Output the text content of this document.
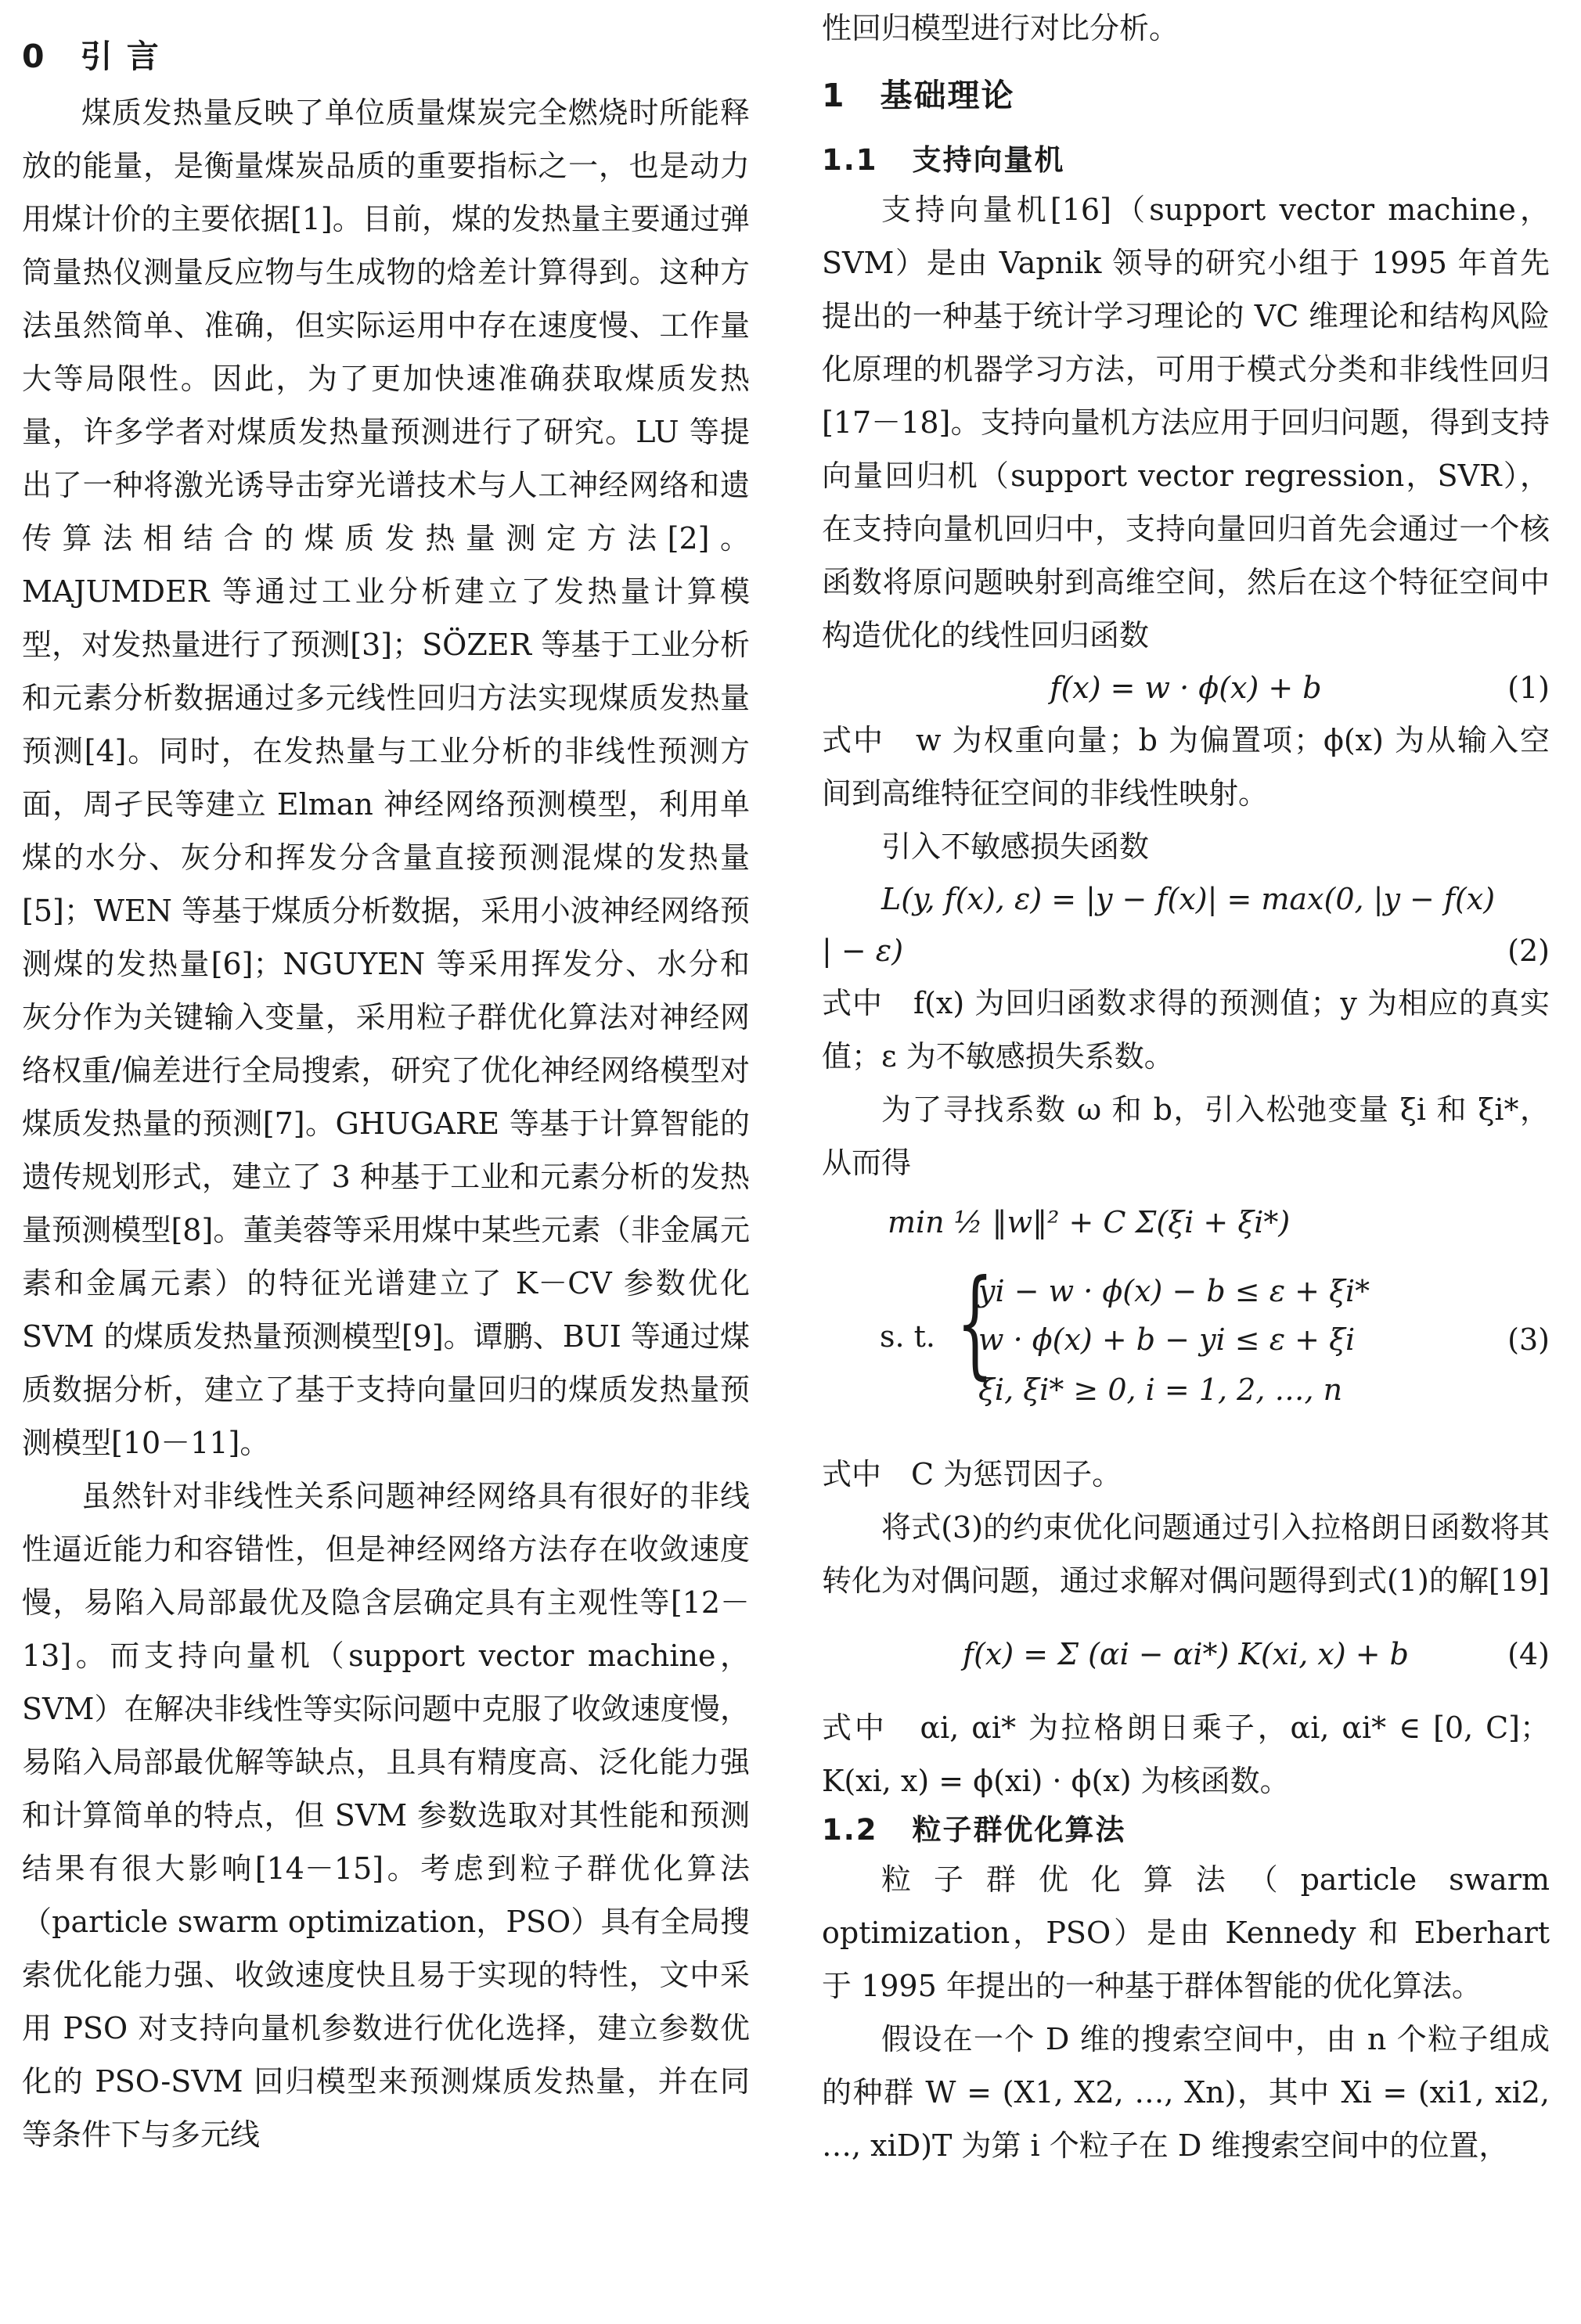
0 引 言

煤质发热量反映了单位质量煤炭完全燃烧时所能释放的能量，是衡量煤炭品质的重要指标之一，也是动力用煤计价的主要依据[1]。目前，煤的发热量主要通过弹筒量热仪测量反应物与生成物的焓差计算得到。这种方法虽然简单、准确，但实际运用中存在速度慢、工作量大等局限性。因此，为了更加快速准确获取煤质发热量，许多学者对煤质发热量预测进行了研究。LU 等提出了一种将激光诱导击穿光谱技术与人工神经网络和遗传算法相结合的煤质发热量测定方法[2]。MAJUMDER 等通过工业分析建立了发热量计算模型，对发热量进行了预测[3]；SÖZER 等基于工业分析和元素分析数据通过多元线性回归方法实现煤质发热量预测[4]。同时，在发热量与工业分析的非线性预测方面，周孑民等建立 Elman 神经网络预测模型，利用单煤的水分、灰分和挥发分含量直接预测混煤的发热量[5]；WEN 等基于煤质分析数据，采用小波神经网络预测煤的发热量[6]；NGUYEN 等采用挥发分、水分和灰分作为关键输入变量，采用粒子群优化算法对神经网络权重/偏差进行全局搜索，研究了优化神经网络模型对煤质发热量的预测[7]。GHUGARE 等基于计算智能的遗传规划形式，建立了 3 种基于工业和元素分析的发热量预测模型[8]。董美蓉等采用煤中某些元素（非金属元素和金属元素）的特征光谱建立了 K－CV 参数优化 SVM 的煤质发热量预测模型[9]。谭鹏、BUI 等通过煤质数据分析，建立了基于支持向量回归的煤质发热量预测模型[10－11]。

虽然针对非线性关系问题神经网络具有很好的非线性逼近能力和容错性，但是神经网络方法存在收敛速度慢，易陷入局部最优及隐含层确定具有主观性等[12－13]。而支持向量机（support vector machine，SVM）在解决非线性等实际问题中克服了收敛速度慢，易陷入局部最优解等缺点，且具有精度高、泛化能力强和计算简单的特点，但 SVM 参数选取对其性能和预测结果有很大影响[14－15]。考虑到粒子群优化算法（particle swarm optimization，PSO）具有全局搜索优化能力强、收敛速度快且易于实现的特性，文中采用 PSO 对支持向量机参数进行优化选择，建立参数优化的 PSO-SVM 回归模型来预测煤质发热量，并在同等条件下与多元线

性回归模型进行对比分析。

1 基础理论
1.1 支持向量机

支持向量机[16]（support vector machine，SVM）是由 Vapnik 领导的研究小组于 1995 年首先提出的一种基于统计学习理论的 VC 维理论和结构风险化原理的机器学习方法，可用于模式分类和非线性回归[17－18]。支持向量机方法应用于回归问题，得到支持向量回归机（support vector regression，SVR），在支持向量机回归中，支持向量回归首先会通过一个核函数将原问题映射到高维空间，然后在这个特征空间中构造优化的线性回归函数

f(x) = w · ϕ(x) + b	(1)

式中　w 为权重向量；b 为偏置项；ϕ(x) 为从输入空间到高维特征空间的非线性映射。

引入不敏感损失函数

L(y, f(x), ε) = |y − f(x)| = max(0, |y − f(x)
| − ε)	(2)

式中　f(x) 为回归函数求得的预测值；y 为相应的真实值；ε 为不敏感损失系数。

为了寻找系数 ω 和 b，引入松弛变量 ξi 和 ξi*，从而得

min ½ ‖w‖² + C Σ(ξi + ξi*)
s. t. {
yi − w · ϕ(x) − b ≤ ε + ξi*
w · ϕ(x) + b − yi ≤ ε + ξi
ξi, ξi* ≥ 0, i = 1, 2, …, n
(3)

式中　C 为惩罚因子。

将式(3)的约束优化问题通过引入拉格朗日函数将其转化为对偶问题，通过求解对偶问题得到式(1)的解[19]

f(x) = Σ (αi − αi*) K(xi, x) + b	(4)

式中　αi, αi* 为拉格朗日乘子，αi, αi* ∈ [0, C]；K(xi, x) = ϕ(xi) · ϕ(x) 为核函数。

1.2 粒子群优化算法

粒子群优化算法（particle swarm optimization，PSO）是由 Kennedy 和 Eberhart 于 1995 年提出的一种基于群体智能的优化算法。

假设在一个 D 维的搜索空间中，由 n 个粒子组成的种群 W = (X1, X2, …, Xn)，其中 Xi = (xi1, xi2, …, xiD)T 为第 i 个粒子在 D 维搜索空间中的位置，
